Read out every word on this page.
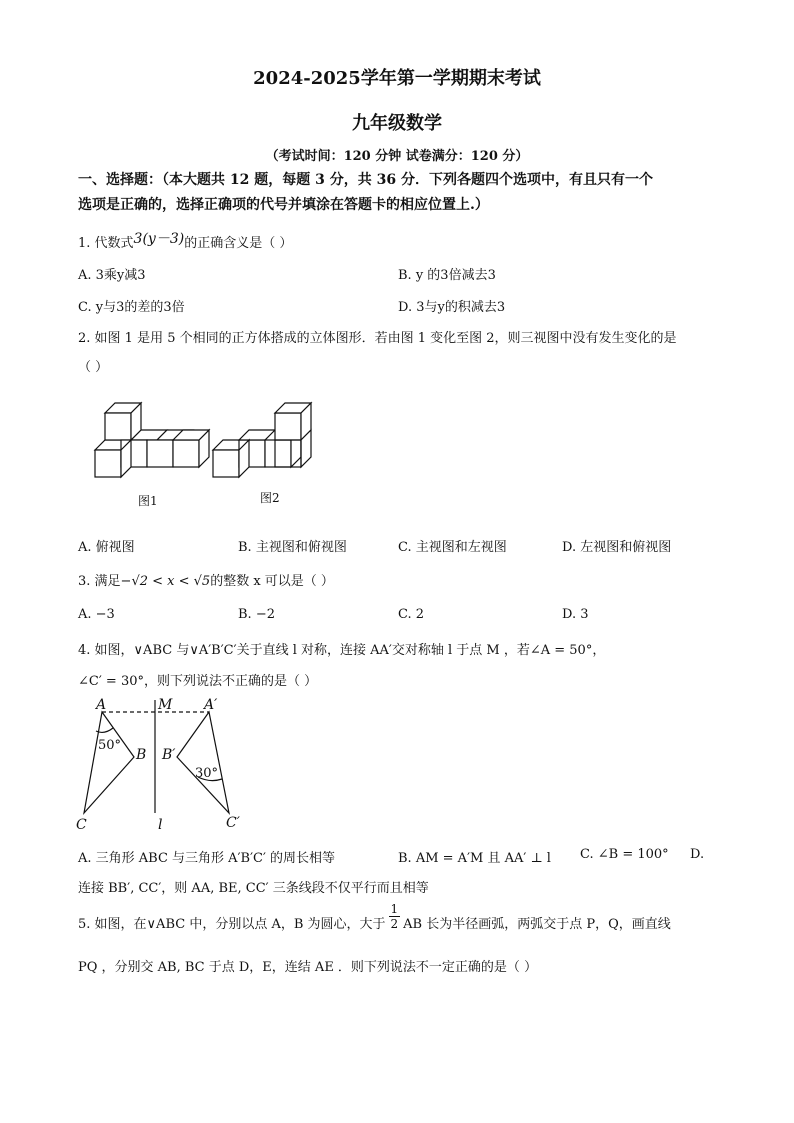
2024-2025学年第一学期期末考试
九年级数学
（考试时间：120 分钟 试卷满分：120 分）
一、选择题：（本大题共 12 题，每题 3 分，共 36 分．下列各题四个选项中，有且只有一个
选项是正确的，选择正确项的代号并填涂在答题卡的相应位置上.）
1. 代数式3(y－3)的正确含义是（ ）
A. 3乘y减3	B. y 的3倍减去3
C. y与3的差的3倍	D. 3与y的积减去3
2. 如图 1 是用 5 个相同的正方体搭成的立体图形．若由图 1 变化至图 2，则三视图中没有发生变化的是
（ ）
图1	图2
A. 俯视图	B. 主视图和俯视图	C. 主视图和左视图	D. 左视图和俯视图
3. 满足−√2 < x < √5的整数 x 可以是（ ）
A. −3	B. −2	C. 2	D. 3
4. 如图，∨ABC 与∨A′B′C′关于直线 l 对称，连接 AA′交对称轴 l 于点 M ，若∠A = 50°，
∠C′ = 30°，则下列说法不正确的是（ ）
A	M A′
50°
B B′
30°
C	l	C′
A. 三角形 ABC 与三角形 A′B′C′ 的周长相等	B. AM = A′M 且 AA′ ⊥ l C. ∠B = 100° D.
连接 BB′, CC′，则 AA, BE, CC′ 三条线段不仅平行而且相等
5. 如图，在∨ABC 中，分别以点 A，B 为圆心，大于 $\frac{1}{2}$ AB 长为半径画弧，两弧交于点 P，Q，画直线
PQ ，分别交 AB, BC 于点 D，E，连结 AE ．则下列说法不一定正确的是（ ）
